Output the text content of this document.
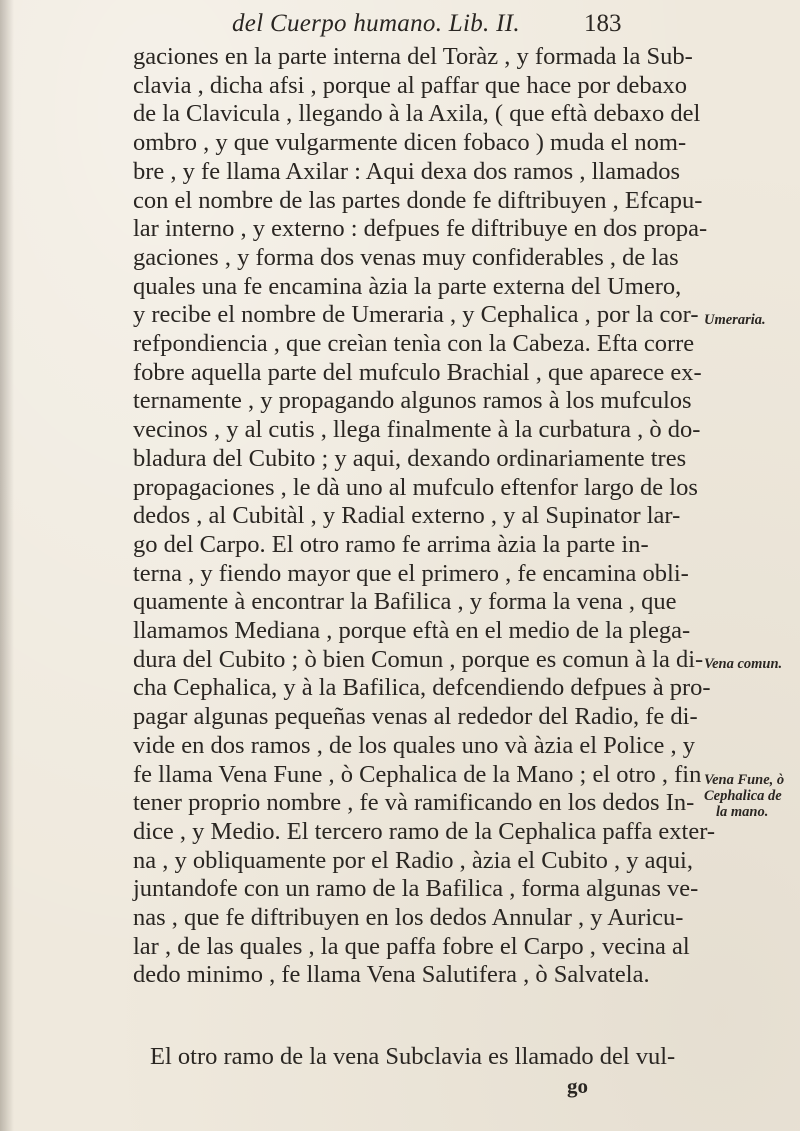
del Cuerpo humano. Lib. II.	183
gaciones en la parte interna del Toràz , y formada la Sub-
clavia , dicha afsi , porque al paffar que hace por debaxo
de la Clavicula , llegando à la Axila, ( que eftà debaxo del
ombro , y que vulgarmente dicen fobaco ) muda el nom-
bre , y fe llama Axilar : Aqui dexa dos ramos , llamados
con el nombre de las partes donde fe diftribuyen , Efcapu-
lar interno , y externo : defpues fe diftribuye en dos propa-
gaciones , y forma dos venas muy confiderables , de las
quales una fe encamina àzia la parte externa del Umero,
y recibe el nombre de Umeraria , y Cephalica , por la cor-
refpondiencia , que creìan tenìa con la Cabeza. Efta corre
fobre aquella parte del mufculo Brachial , que aparece ex-
ternamente , y propagando algunos ramos à los mufculos
vecinos , y al cutis , llega finalmente à la curbatura , ò do-
bladura del Cubito ; y aqui, dexando ordinariamente tres
propagaciones , le dà uno al mufculo eftenfor largo de los
dedos , al Cubitàl , y Radial externo , y al Supinator lar-
go del Carpo. El otro ramo fe arrima àzia la parte in-
terna , y fiendo mayor que el primero , fe encamina obli-
quamente à encontrar la Bafilica , y forma la vena , que
llamamos Mediana , porque eftà en el medio de la plega-
dura del Cubito ; ò bien Comun , porque es comun à la di-
cha Cephalica, y à la Bafilica, defcendiendo defpues à pro-
pagar algunas pequeñas venas al rededor del Radio, fe di-
vide en dos ramos , de los quales uno và àzia el Police , y
fe llama Vena Fune , ò Cephalica de la Mano ; el otro , fin
tener proprio nombre , fe và ramificando en los dedos In-
dice , y Medio. El tercero ramo de la Cephalica paffa exter-
na , y obliquamente por el Radio , àzia el Cubito , y aqui,
juntandofe con un ramo de la Bafilica , forma algunas ve-
nas , que fe diftribuyen en los dedos Annular , y Auricu-
lar , de las quales , la que paffa fobre el Carpo , vecina al
dedo minimo , fe llama Vena Salutifera , ò Salvatela.
El otro ramo de la vena Subclavia es llamado del vul-
Umeraria.
Vena comun.
Vena Fune, ò
Cephalica de
la mano.
go
